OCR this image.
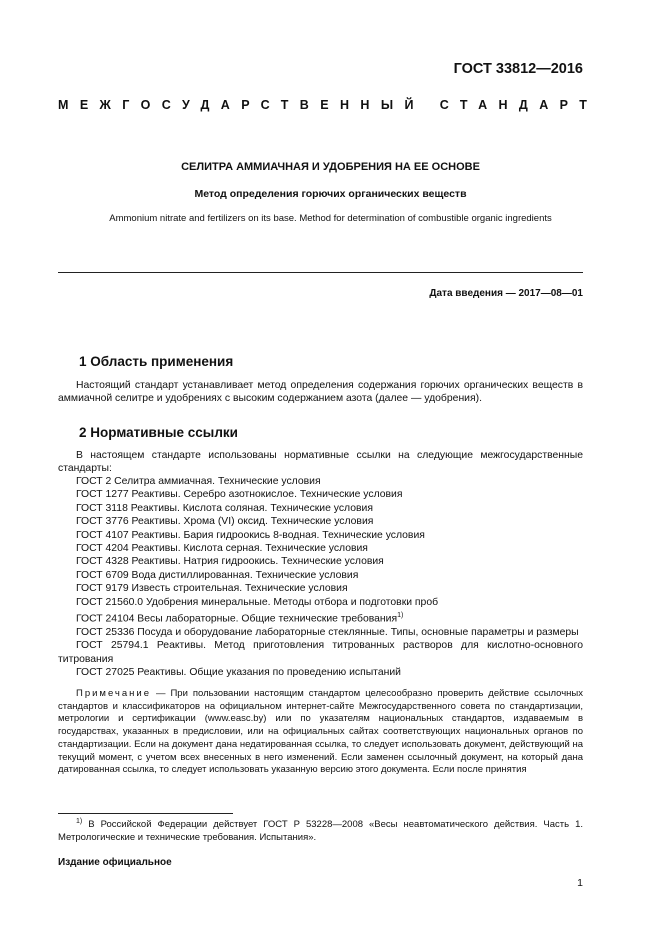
ГОСТ 33812—2016
МЕЖГОСУДАРСТВЕННЫЙ СТАНДАРТ
СЕЛИТРА АММИАЧНАЯ И УДОБРЕНИЯ НА ЕЕ ОСНОВЕ
Метод определения горючих органических веществ
Ammonium nitrate and fertilizers on its base. Method for determination of combustible organic ingredients
Дата введения — 2017—08—01
1 Область применения
Настоящий стандарт устанавливает метод определения содержания горючих органических веществ в аммиачной селитре и удобрениях с высоким содержанием азота (далее — удобрения).
2 Нормативные ссылки
В настоящем стандарте использованы нормативные ссылки на следующие межгосударственные стандарты:
ГОСТ 2 Селитра аммиачная. Технические условия
ГОСТ 1277 Реактивы. Серебро азотнокислое. Технические условия
ГОСТ 3118 Реактивы. Кислота соляная. Технические условия
ГОСТ 3776 Реактивы. Хрома (VI) оксид. Технические условия
ГОСТ 4107 Реактивы. Бария гидроокись 8-водная. Технические условия
ГОСТ 4204 Реактивы. Кислота серная. Технические условия
ГОСТ 4328 Реактивы. Натрия гидроокись. Технические условия
ГОСТ 6709 Вода дистиллированная. Технические условия
ГОСТ 9179 Известь строительная. Технические условия
ГОСТ 21560.0 Удобрения минеральные. Методы отбора и подготовки проб
ГОСТ 24104 Весы лабораторные. Общие технические требования$^{1)}$
ГОСТ 25336 Посуда и оборудование лабораторные стеклянные. Типы, основные параметры и размеры
ГОСТ 25794.1 Реактивы. Метод приготовления титрованных растворов для кислотно-основного титрования
ГОСТ 27025 Реактивы. Общие указания по проведению испытаний
Примечание — При пользовании настоящим стандартом целесообразно проверить действие ссылочных стандартов и классификаторов на официальном интернет-сайте Межгосударственного совета по стандартизации, метрологии и сертификации (www.easc.by) или по указателям национальных стандартов, издаваемым в государствах, указанных в предисловии, или на официальных сайтах соответствующих национальных органов по стандартизации. Если на документ дана недатированная ссылка, то следует использовать документ, действующий на текущий момент, с учетом всех внесенных в него изменений. Если заменен ссылочный документ, на который дана датированная ссылка, то следует использовать указанную версию этого документа. Если после принятия
$^{1)}$ В Российской Федерации действует ГОСТ Р 53228—2008 «Весы неавтоматического действия. Часть 1. Метрологические и технические требования. Испытания».
Издание официальное
1
